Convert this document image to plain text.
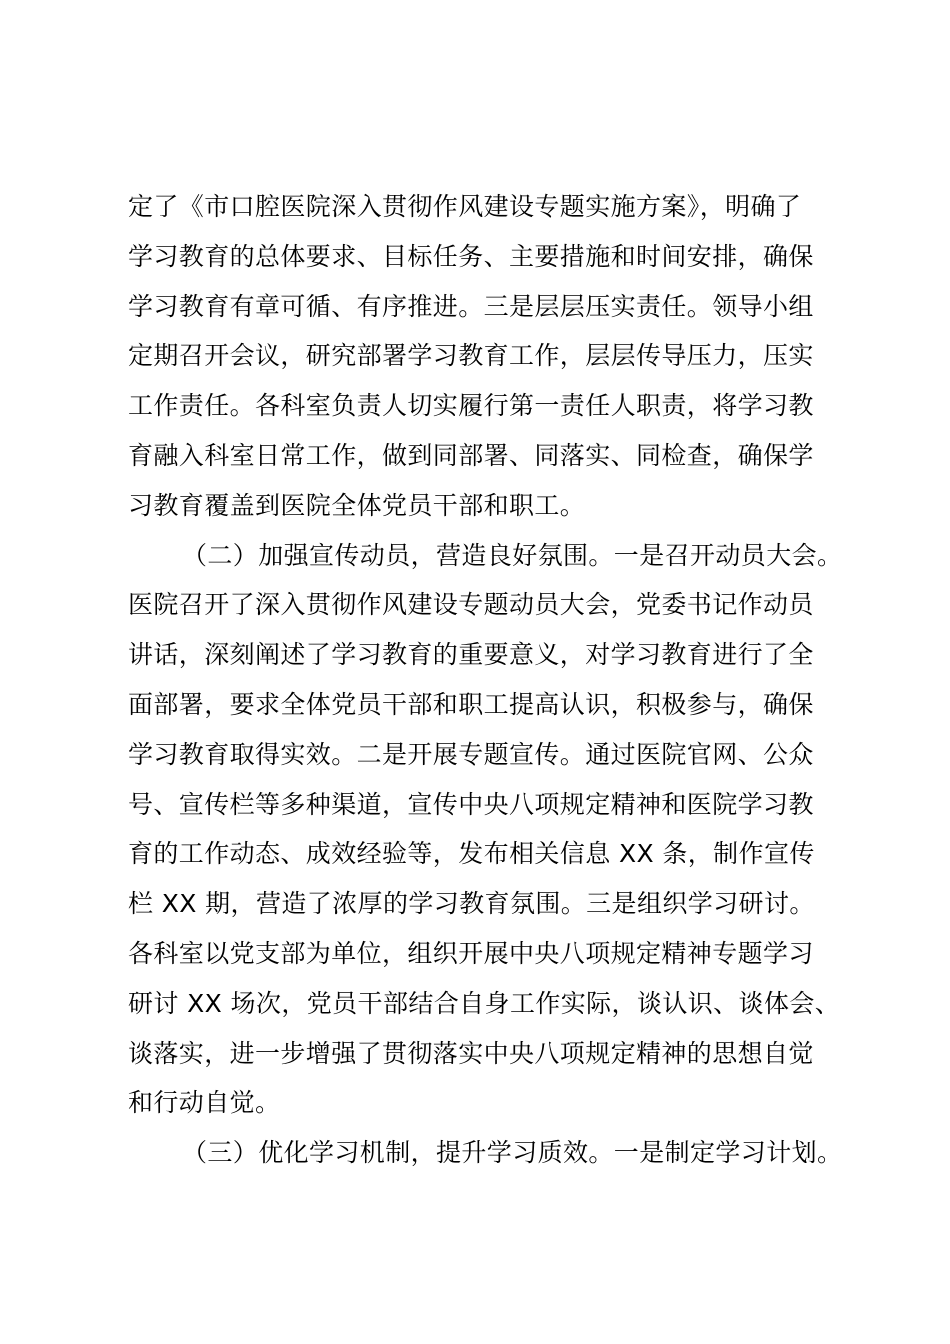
定了《市口腔医院深入贯彻作风建设专题实施方案》，明确了
学习教育的总体要求、目标任务、主要措施和时间安排，确保
学习教育有章可循、有序推进。三是层层压实责任。领导小组
定期召开会议，研究部署学习教育工作，层层传导压力，压实
工作责任。各科室负责人切实履行第一责任人职责，将学习教
育融入科室日常工作，做到同部署、同落实、同检查，确保学
习教育覆盖到医院全体党员干部和职工。
（二）加强宣传动员，营造良好氛围。一是召开动员大会。
医院召开了深入贯彻作风建设专题动员大会，党委书记作动员
讲话，深刻阐述了学习教育的重要意义，对学习教育进行了全
面部署，要求全体党员干部和职工提高认识，积极参与，确保
学习教育取得实效。二是开展专题宣传。通过医院官网、公众
号、宣传栏等多种渠道，宣传中央八项规定精神和医院学习教
育的工作动态、成效经验等，发布相关信息 XX 条，制作宣传
栏 XX 期，营造了浓厚的学习教育氛围。三是组织学习研讨。
各科室以党支部为单位，组织开展中央八项规定精神专题学习
研讨 XX 场次，党员干部结合自身工作实际，谈认识、谈体会、
谈落实，进一步增强了贯彻落实中央八项规定精神的思想自觉
和行动自觉。
（三）优化学习机制，提升学习质效。一是制定学习计划。
